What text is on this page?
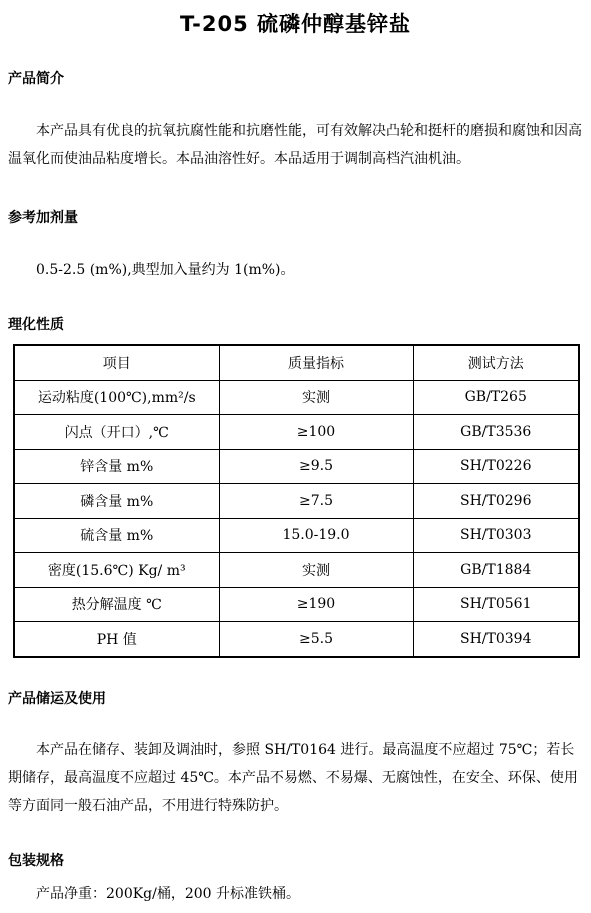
T-205 硫磷仲醇基锌盐
产品简介
本产品具有优良的抗氧抗腐性能和抗磨性能，可有效解决凸轮和挺杆的磨损和腐蚀和因高温氧化而使油品粘度增长。本品油溶性好。本品适用于调制高档汽油机油。
参考加剂量
0.5-2.5 (m%),典型加入量约为 1(m%)。
理化性质
项目	质量指标	测试方法
运动粘度(100℃),mm²/s	实测	GB/T265
闪点（开口）,℃	≥100	GB/T3536
锌含量 m%	≥9.5	SH/T0226
磷含量 m%	≥7.5	SH/T0296
硫含量 m%	15.0-19.0	SH/T0303
密度(15.6℃) Kg/ m³	实测	GB/T1884
热分解温度 ℃	≥190	SH/T0561
PH 值	≥5.5	SH/T0394
产品储运及使用
本产品在储存、装卸及调油时，参照 SH/T0164 进行。最高温度不应超过 75℃；若长期储存，最高温度不应超过 45℃。本产品不易燃、不易爆、无腐蚀性，在安全、环保、使用等方面同一般石油产品，不用进行特殊防护。
包装规格
产品净重：200Kg/桶，200 升标准铁桶。
